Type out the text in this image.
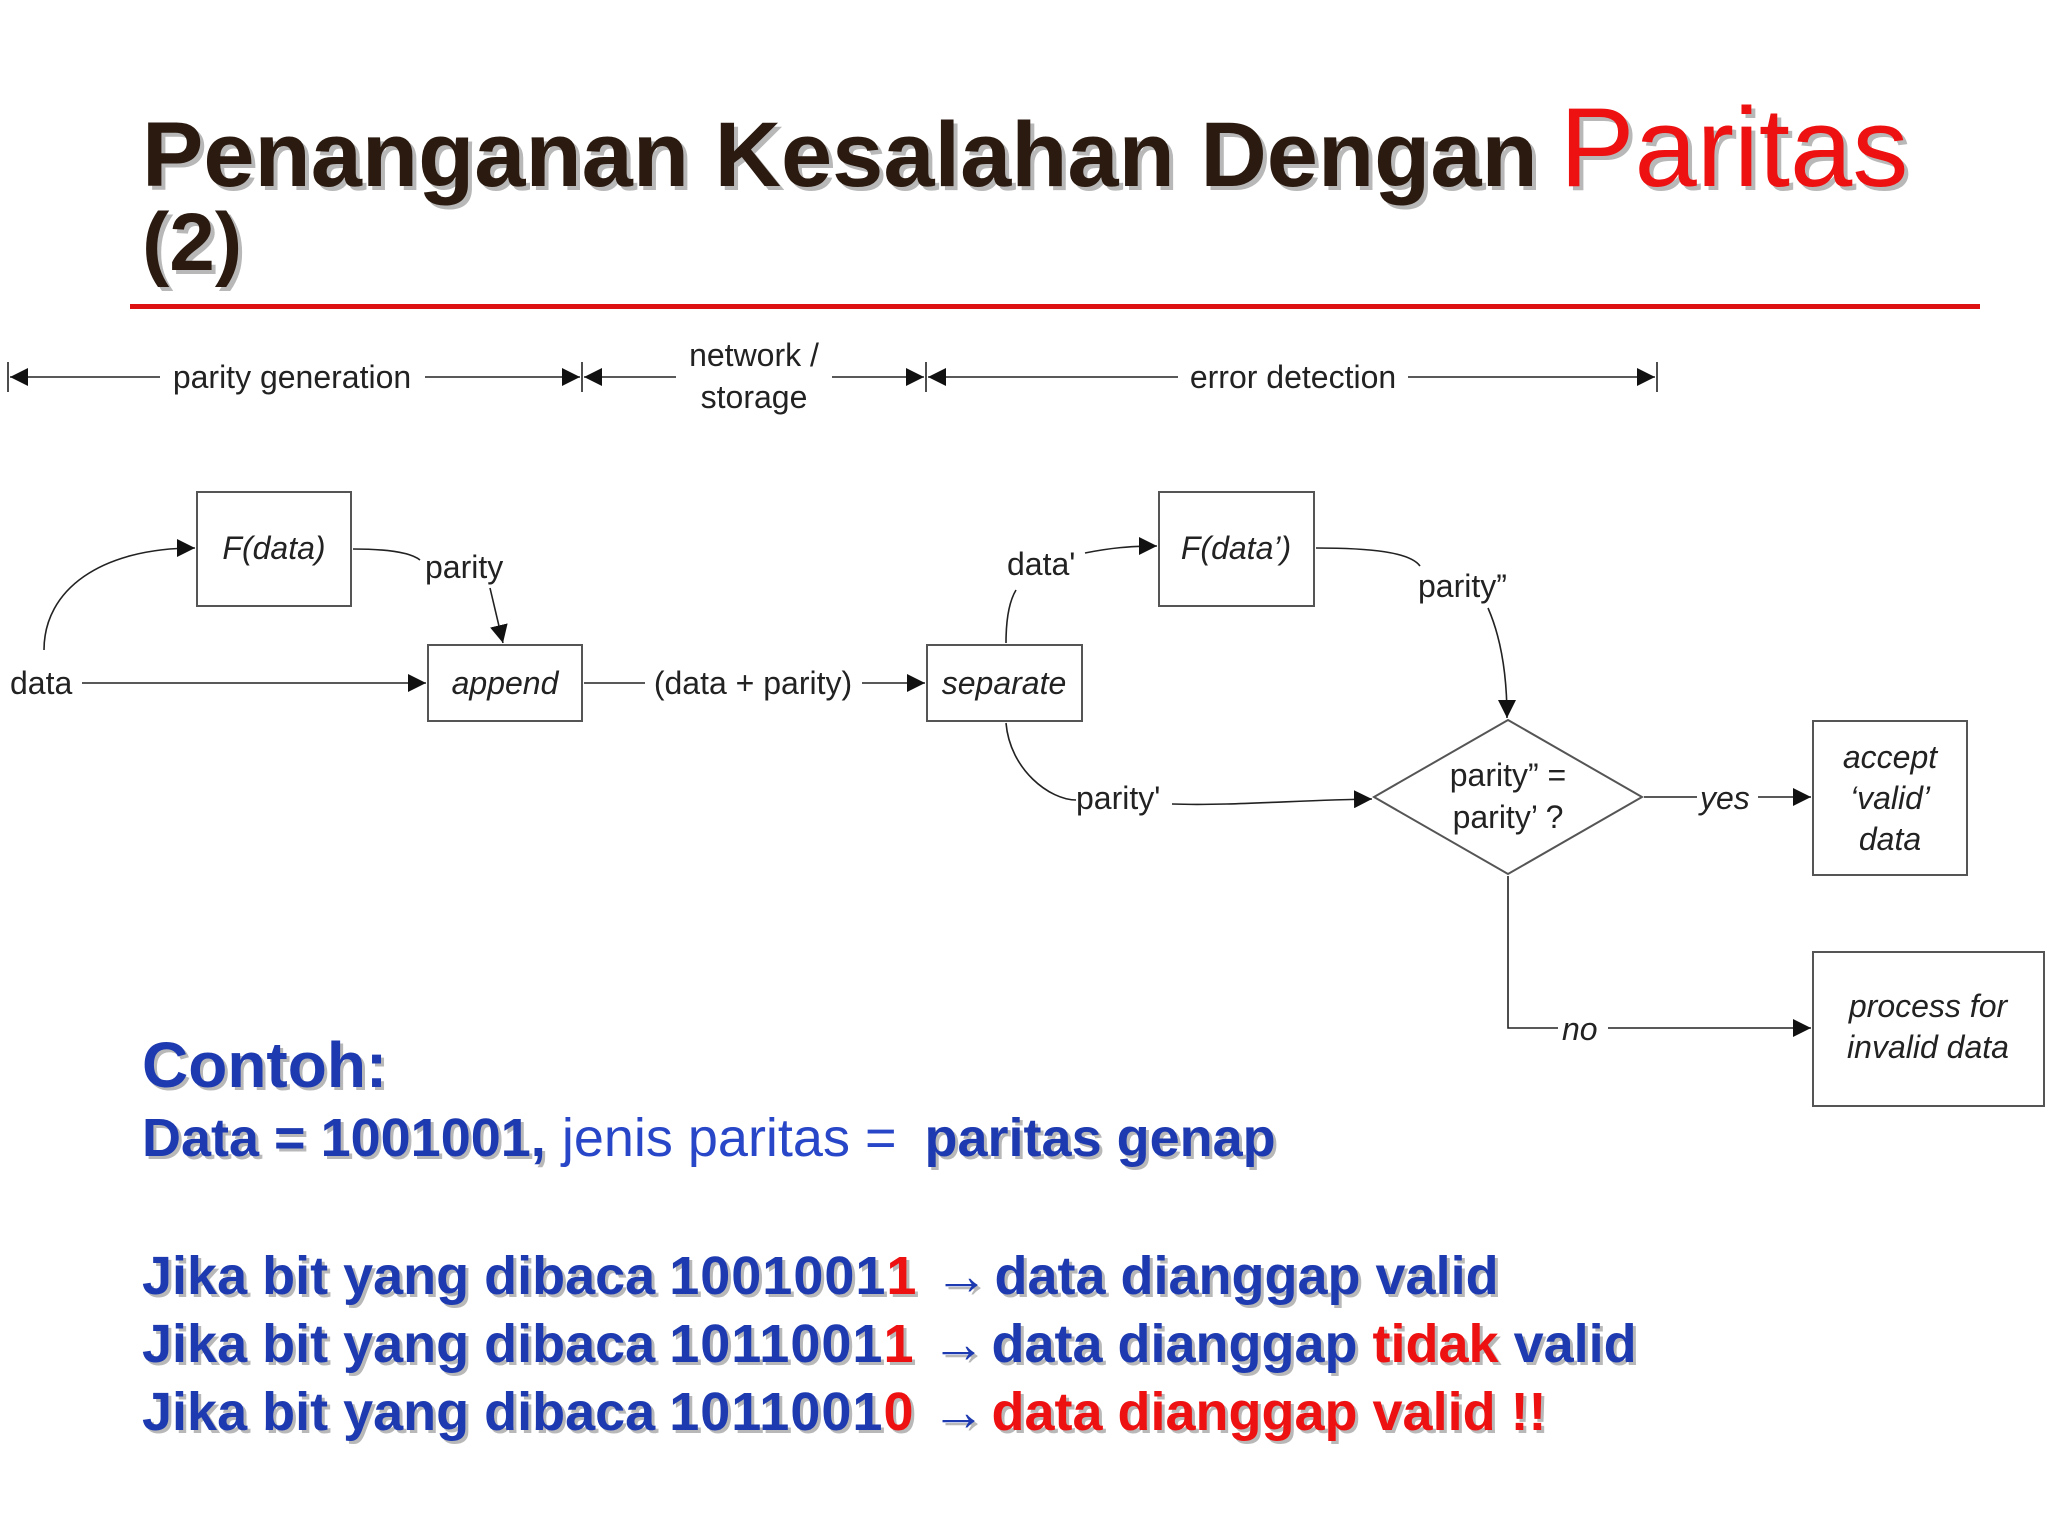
Penanganan Kesalahan Dengan Paritas
(2)
parity generation
network /
storage
error detection
F(data)
append	separate
F(data’)
parity” =
parity’ ?
accept
‘valid’
data
process for
invalid data
data
parity
(data + parity)
data'
parity”
parity'	yes
no
Contoh:
Data = 1001001, jenis paritas = paritas genap
Jika bit yang dibaca 10010011 → data dianggap valid
Jika bit yang dibaca 10110011 → data dianggap tidak valid
Jika bit yang dibaca 10110010 → data dianggap valid !!
